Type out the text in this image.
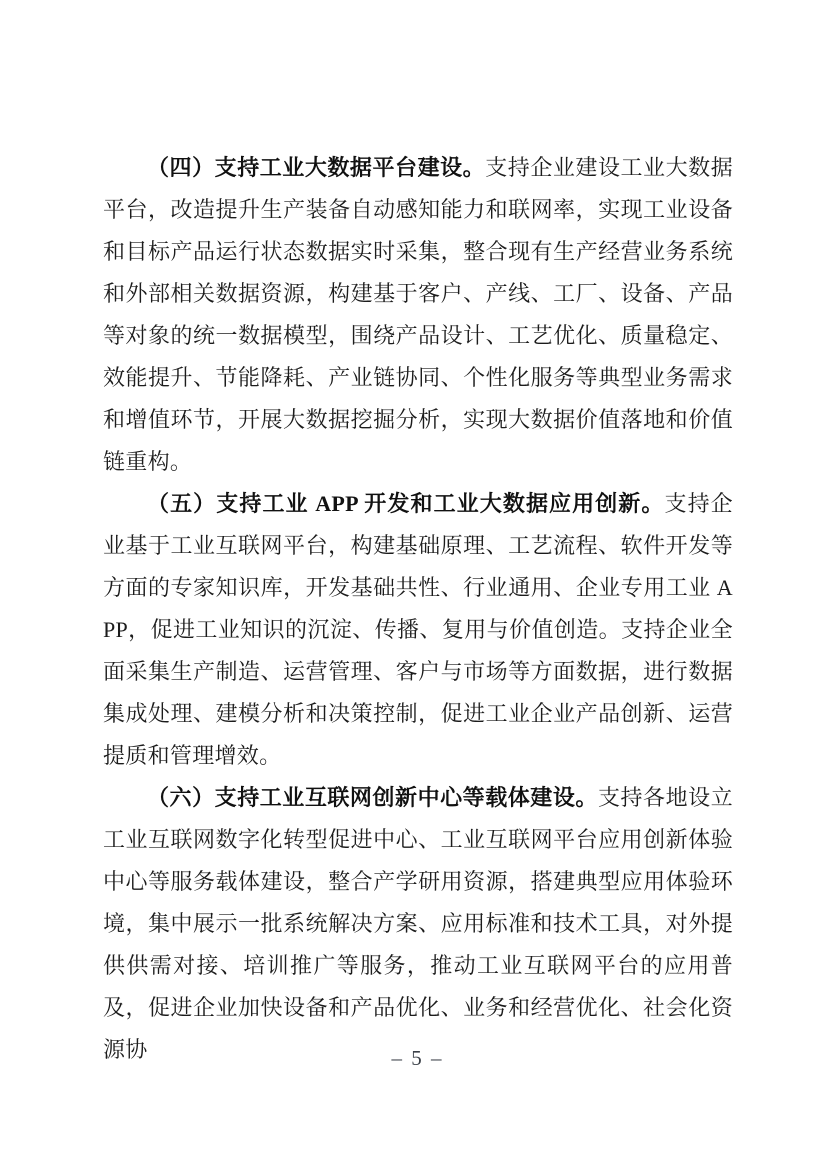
（四）支持工业大数据平台建设。支持企业建设工业大数据平台，改造提升生产装备自动感知能力和联网率，实现工业设备和目标产品运行状态数据实时采集，整合现有生产经营业务系统和外部相关数据资源，构建基于客户、产线、工厂、设备、产品等对象的统一数据模型，围绕产品设计、工艺优化、质量稳定、效能提升、节能降耗、产业链协同、个性化服务等典型业务需求和增值环节，开展大数据挖掘分析，实现大数据价值落地和价值链重构。

（五）支持工业 APP 开发和工业大数据应用创新。支持企业基于工业互联网平台，构建基础原理、工艺流程、软件开发等方面的专家知识库，开发基础共性、行业通用、企业专用工业 APP，促进工业知识的沉淀、传播、复用与价值创造。支持企业全面采集生产制造、运营管理、客户与市场等方面数据，进行数据集成处理、建模分析和决策控制，促进工业企业产品创新、运营提质和管理增效。

（六）支持工业互联网创新中心等载体建设。支持各地设立工业互联网数字化转型促进中心、工业互联网平台应用创新体验中心等服务载体建设，整合产学研用资源，搭建典型应用体验环境，集中展示一批系统解决方案、应用标准和技术工具，对外提供供需对接、培训推广等服务，推动工业互联网平台的应用普及，促进企业加快设备和产品优化、业务和经营优化、社会化资源协	– 5 –
